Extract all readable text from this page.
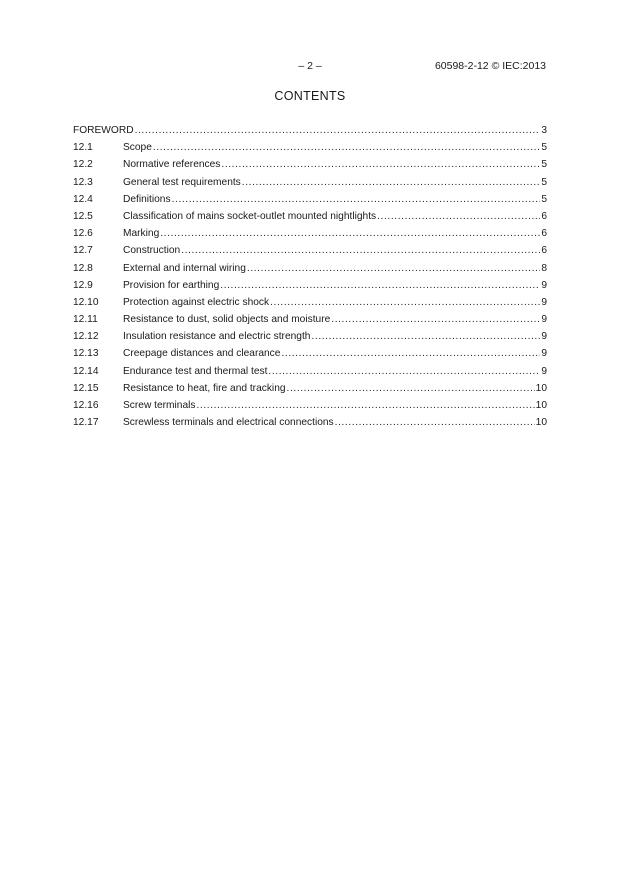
– 2 –	60598-2-12 © IEC:2013
CONTENTS
FOREWORD .....	3
12.1	Scope .....	5
12.2	Normative references .....	5
12.3	General test requirements .....	5
12.4	Definitions .....	5
12.5	Classification of mains socket-outlet mounted nightlights .....	6
12.6	Marking .....	6
12.7	Construction .....	6
12.8	External and internal wiring .....	8
12.9	Provision for earthing .....	9
12.10	Protection against electric shock .....	9
12.11	Resistance to dust, solid objects and moisture .....	9
12.12	Insulation resistance and electric strength .....	9
12.13	Creepage distances and clearance .....	9
12.14	Endurance test and thermal test .....	9
12.15	Resistance to heat, fire and tracking .....	10
12.16	Screw terminals .....	10
12.17	Screwless terminals and electrical connections .....	10
